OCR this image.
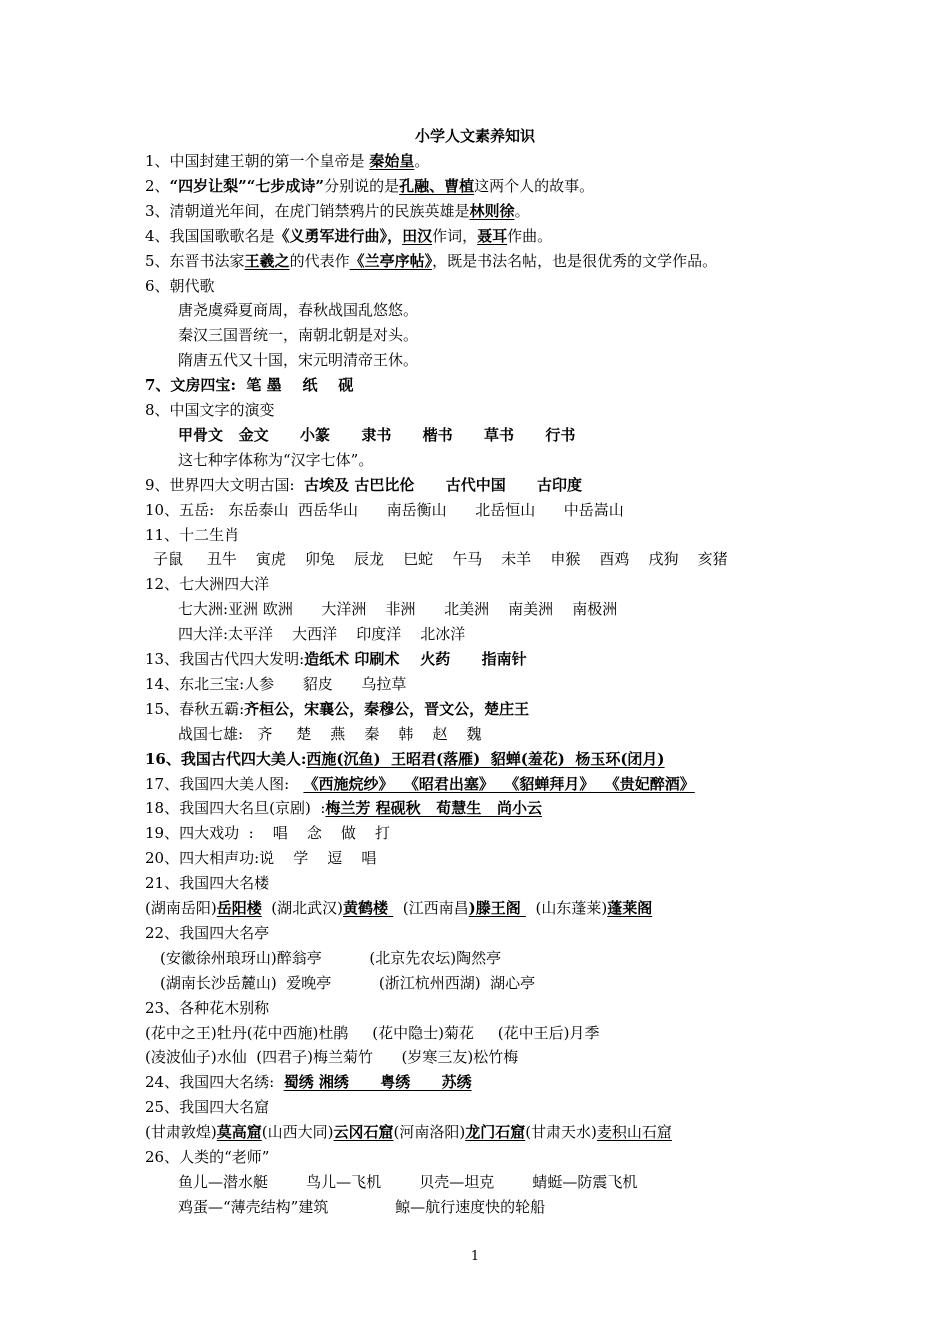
小学人文素养知识
1、中国封建王朝的第一个皇帝是 秦始皇。
2、“四岁让梨”“七步成诗”分别说的是孔融、曹植这两个人的故事。
3、清朝道光年间，在虎门销禁鸦片的民族英雄是林则徐。
4、我国国歌歌名是《义勇军进行曲》，田汉作词，聂耳作曲。
5、东晋书法家王羲之的代表作《兰亭序帖》，既是书法名帖，也是很优秀的文学作品。
6、朝代歌
唐尧虞舜夏商周，春秋战国乱悠悠。
秦汉三国晋统一，南朝北朝是对头。
隋唐五代又十国，宋元明清帝王休。
7、文房四宝:  笔 墨    纸    砚
8、中国文字的演变
甲骨文   金文      小篆      隶书      楷书      草书      行书
这七种字体称为“汉字七体”。
9、世界四大文明古国:  古埃及 古巴比伦      古代中国      古印度
10、五岳:   东岳泰山  西岳华山      南岳衡山      北岳恒山      中岳嵩山
11、十二生肖
子鼠     丑牛    寅虎    卯兔    辰龙    巳蛇    午马    未羊    申猴    酉鸡    戌狗    亥猪
12、七大洲四大洋
七大洲:亚洲 欧洲      大洋洲    非洲      北美洲    南美洲    南极洲
四大洋:太平洋    大西洋    印度洋    北冰洋
13、我国古代四大发明:造纸术 印刷术    火药      指南针
14、东北三宝:人参      貂皮      乌拉草
15、春秋五霸:齐桓公，宋襄公，秦穆公，晋文公，楚庄王
战国七雄:   齐     楚    燕    秦    韩    赵    魏
16、我国古代四大美人:西施(沉鱼)  王昭君(落雁)  貂蝉(羞花)  杨玉环(闭月)
17、我国四大美人图:   《西施烷纱》  《昭君出塞》  《貂蝉拜月》  《贵妃醉酒》
18、我国四大名旦(京剧)  :梅兰芳 程砚秋   荀慧生   尚小云
19、四大戏功  :    唱    念    做    打
20、四大相声功:说    学    逗    唱
21、我国四大名楼
(湖南岳阳)岳阳楼  (湖北武汉)黄鹤楼   (江西南昌)滕王阁   (山东蓬莱)蓬莱阁
22、我国四大名亭
(安徽徐州琅玡山)醉翁亭          (北京先农坛)陶然亭
(湖南长沙岳麓山)  爱晚亭          (浙江杭州西湖)  湖心亭
23、各种花木别称
(花中之王)牡丹(花中西施)杜鹃     (花中隐士)菊花     (花中王后)月季
(凌波仙子)水仙  (四君子)梅兰菊竹      (岁寒三友)松竹梅
24、我国四大名绣:  蜀绣 湘绣      粤绣      苏绣
25、我国四大名窟
(甘肃敦煌)莫高窟(山西大同)云冈石窟(河南洛阳)龙门石窟(甘肃天水)麦积山石窟
26、人类的“老师”
鱼儿—潜水艇        鸟儿—飞机        贝壳—坦克        蜻蜓—防震飞机
鸡蛋—“薄壳结构”建筑              鲸—航行速度快的轮船
1
